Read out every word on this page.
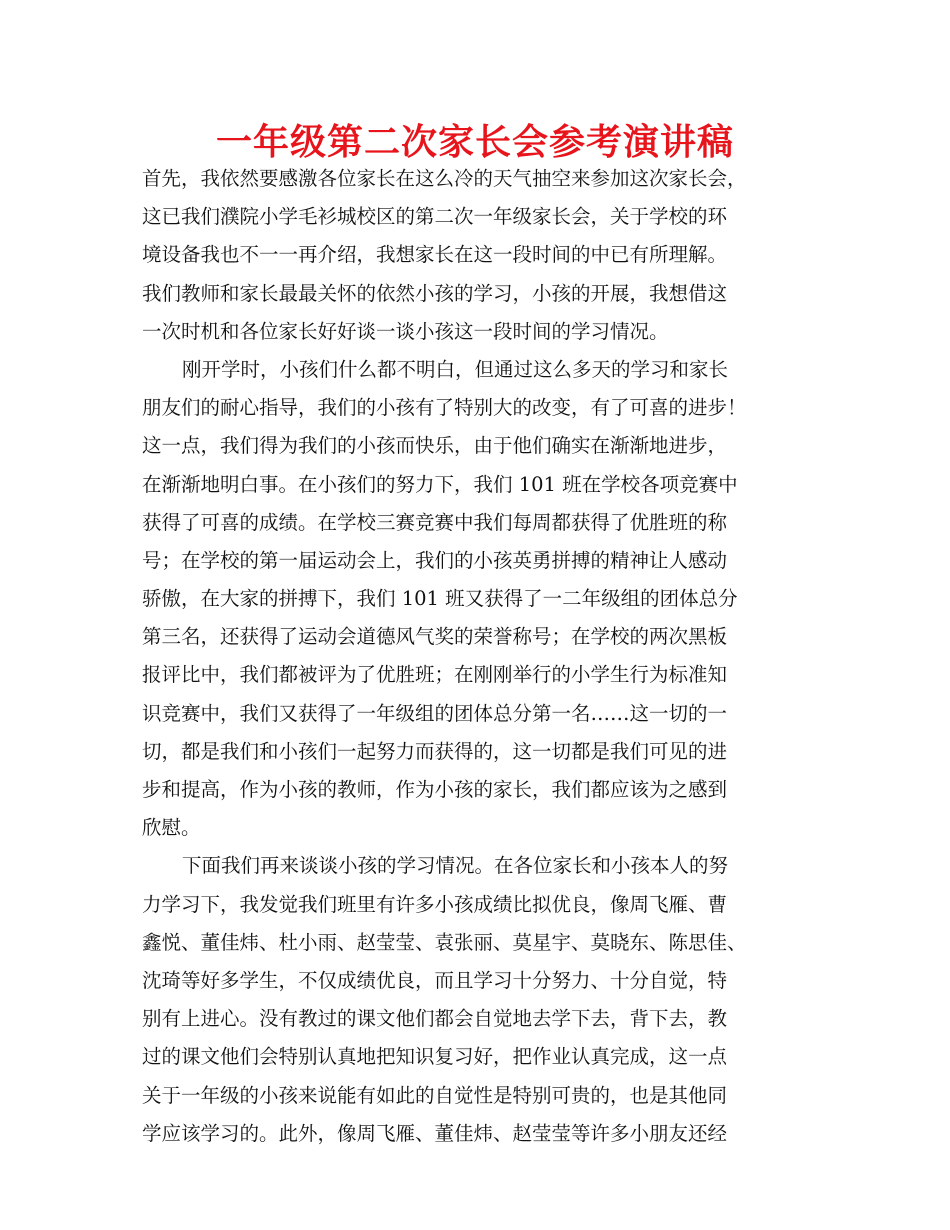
一年级第二次家长会参考演讲稿
首先，我依然要感激各位家长在这么冷的天气抽空来参加这次家长会，
这已我们濮院小学毛衫城校区的第二次一年级家长会，关于学校的环
境设备我也不一一再介绍，我想家长在这一段时间的中已有所理解。
我们教师和家长最最关怀的依然小孩的学习，小孩的开展，我想借这
一次时机和各位家长好好谈一谈小孩这一段时间的学习情况。
刚开学时，小孩们什么都不明白，但通过这么多天的学习和家长
朋友们的耐心指导，我们的小孩有了特别大的改变，有了可喜的进步！
这一点，我们得为我们的小孩而快乐，由于他们确实在渐渐地进步，
在渐渐地明白事。在小孩们的努力下，我们 101 班在学校各项竞赛中
获得了可喜的成绩。在学校三赛竞赛中我们每周都获得了优胜班的称
号；在学校的第一届运动会上，我们的小孩英勇拼搏的精神让人感动
骄傲，在大家的拼搏下，我们 101 班又获得了一二年级组的团体总分
第三名，还获得了运动会道德风气奖的荣誉称号；在学校的两次黑板
报评比中，我们都被评为了优胜班；在刚刚举行的小学生行为标准知
识竞赛中，我们又获得了一年级组的团体总分第一名……这一切的一
切，都是我们和小孩们一起努力而获得的，这一切都是我们可见的进
步和提高，作为小孩的教师，作为小孩的家长，我们都应该为之感到
欣慰。
下面我们再来谈谈小孩的学习情况。在各位家长和小孩本人的努
力学习下，我发觉我们班里有许多小孩成绩比拟优良，像周飞雁、曹
鑫悦、董佳炜、杜小雨、赵莹莹、袁张丽、莫星宇、莫晓东、陈思佳、
沈琦等好多学生，不仅成绩优良，而且学习十分努力、十分自觉，特
别有上进心。没有教过的课文他们都会自觉地去学下去，背下去，教
过的课文他们会特别认真地把知识复习好，把作业认真完成，这一点
关于一年级的小孩来说能有如此的自觉性是特别可贵的，也是其他同
学应该学习的。此外，像周飞雁、董佳炜、赵莹莹等许多小朋友还经
